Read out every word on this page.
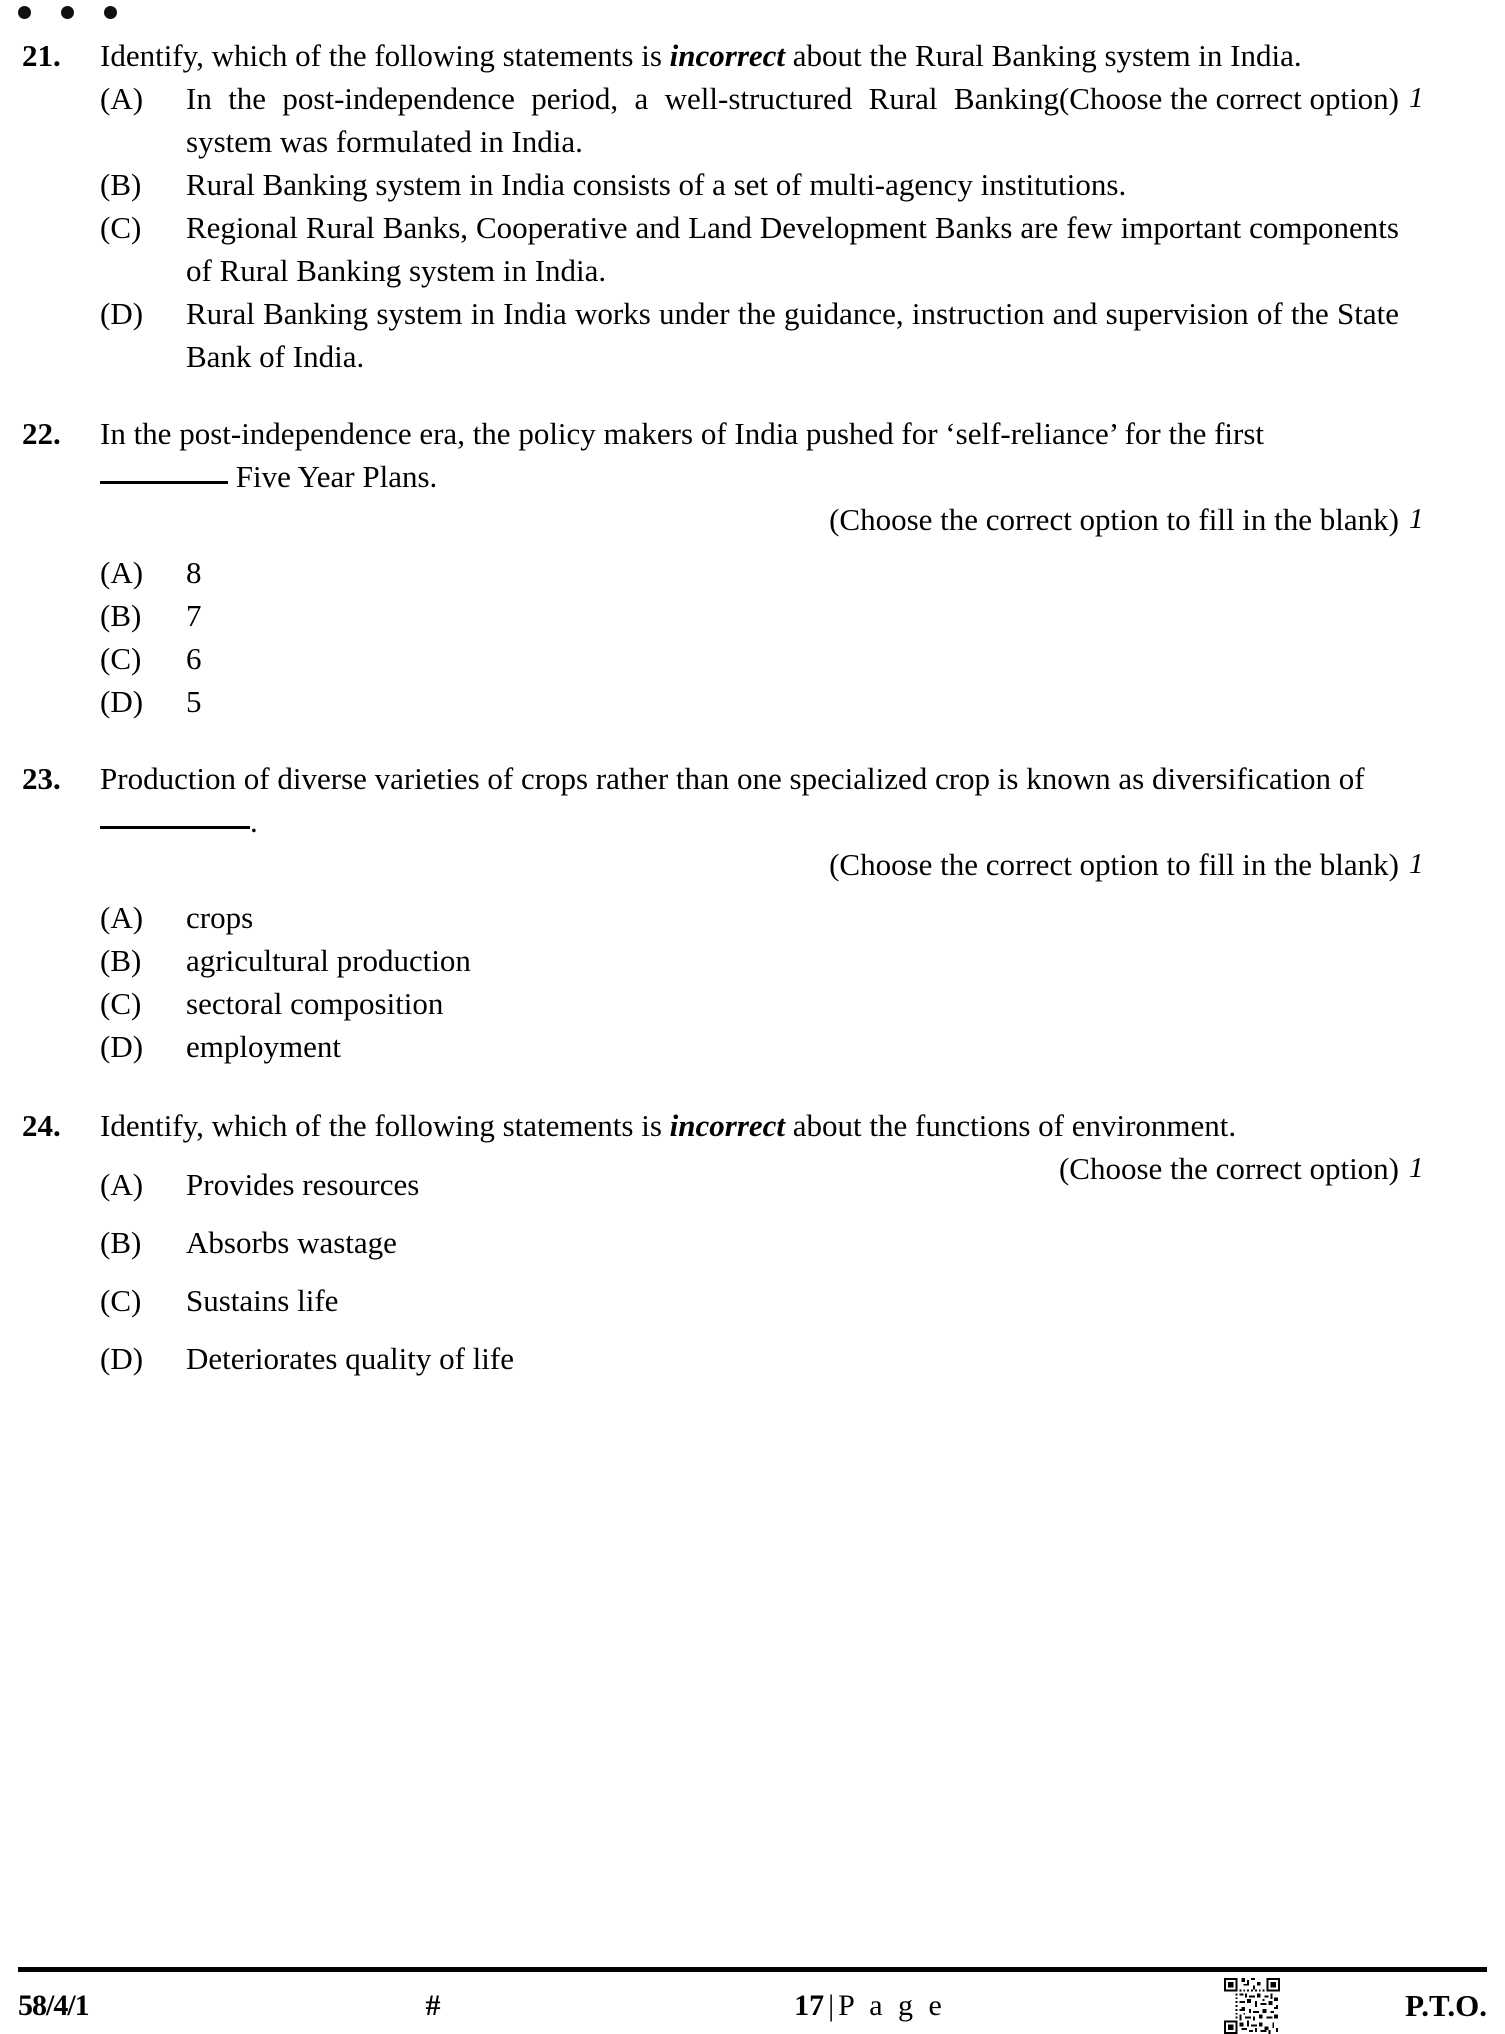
21.
1
Identify, which of the following statements is incorrect about the Rural Banking system in India.
(Choose the correct option)
(A)	In the post-independence period, a well-structured Rural Banking system was formulated in India.
(B)	Rural Banking system in India consists of a set of multi-agency institutions.
(C)	Regional Rural Banks, Cooperative and Land Development Banks are few important components of Rural Banking system in India.
(D)	Rural Banking system in India works under the guidance, instruction and supervision of the State Bank of India.
22.
1
In the post-independence era, the policy makers of India pushed for ‘self-reliance’ for the first  Five Year Plans.
(Choose the correct option to fill in the blank)
(A)	8
(B)	7
(C)	6
(D)	5
23.
1
Production of diverse varieties of crops rather than one specialized crop is known as diversification of .
(Choose the correct option to fill in the blank)
(A)	crops
(B)	agricultural production
(C)	sectoral composition
(D)	employment
24.
1
Identify, which of the following statements is incorrect about the functions of environment.
(Choose the correct option)
(A)	Provides resources
(B)	Absorbs wastage
(C)	Sustains life
(D)	Deteriorates quality of life
58/4/1	#	17 | P a g e	P.T.O.
